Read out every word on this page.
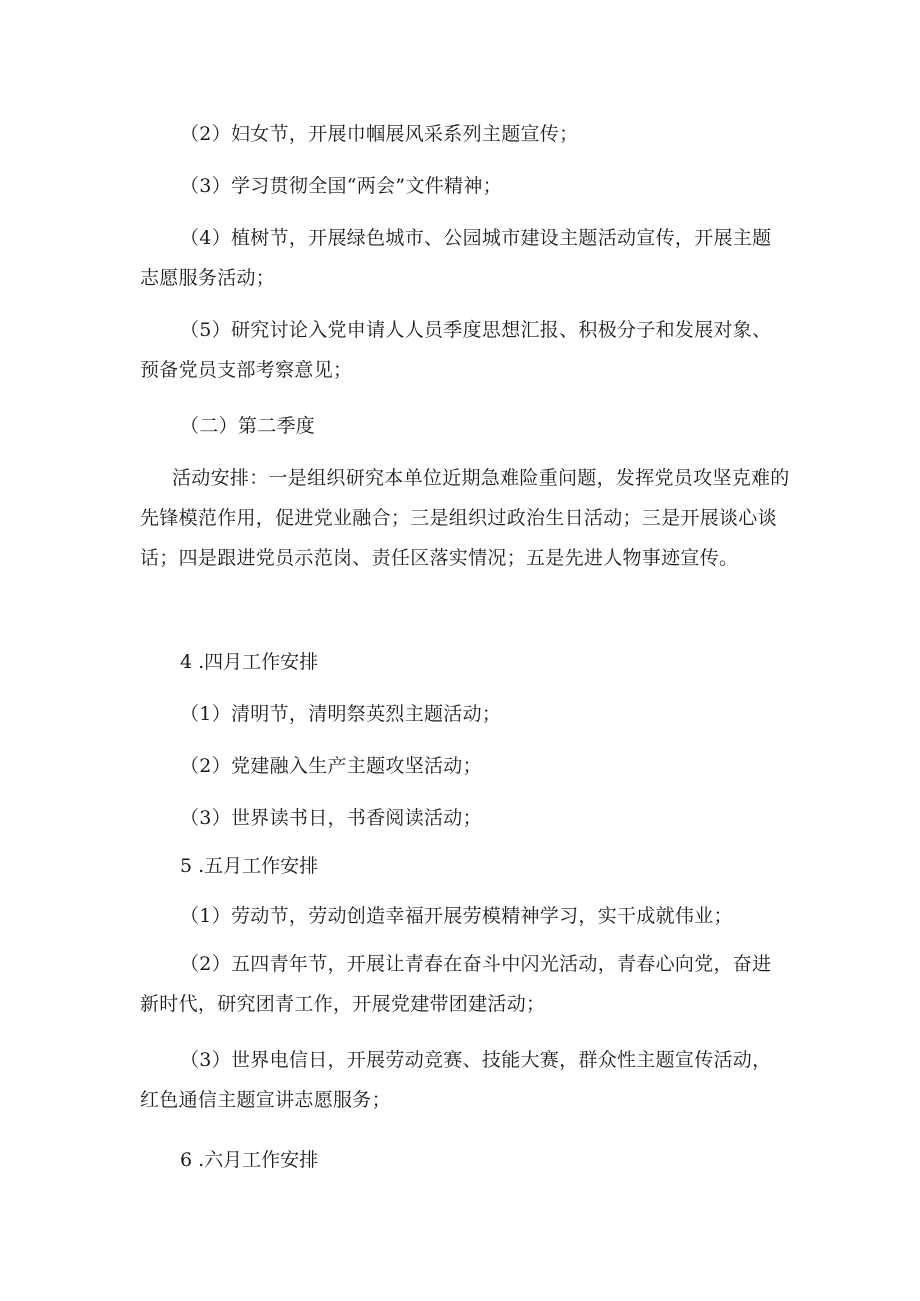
（2）妇女节，开展巾帼展风采系列主题宣传；

（3）学习贯彻全国“两会”文件精神；

（4）植树节，开展绿色城市、公园城市建设主题活动宣传，开展主题志愿服务活动；

（5）研究讨论入党申请人人员季度思想汇报、积极分子和发展对象、预备党员支部考察意见；

（二）第二季度

活动安排：一是组织研究本单位近期急难险重问题，发挥党员攻坚克难的先锋模范作用，促进党业融合；三是组织过政治生日活动；三是开展谈心谈话；四是跟进党员示范岗、责任区落实情况；五是先进人物事迹宣传。

4 .四月工作安排

（1）清明节，清明祭英烈主题活动；

（2）党建融入生产主题攻坚活动；

（3）世界读书日，书香阅读活动；

5 .五月工作安排

（1）劳动节，劳动创造幸福开展劳模精神学习，实干成就伟业；

（2）五四青年节，开展让青春在奋斗中闪光活动，青春心向党，奋进新时代，研究团青工作，开展党建带团建活动；

（3）世界电信日，开展劳动竞赛、技能大赛，群众性主题宣传活动，红色通信主题宣讲志愿服务；

6 .六月工作安排
